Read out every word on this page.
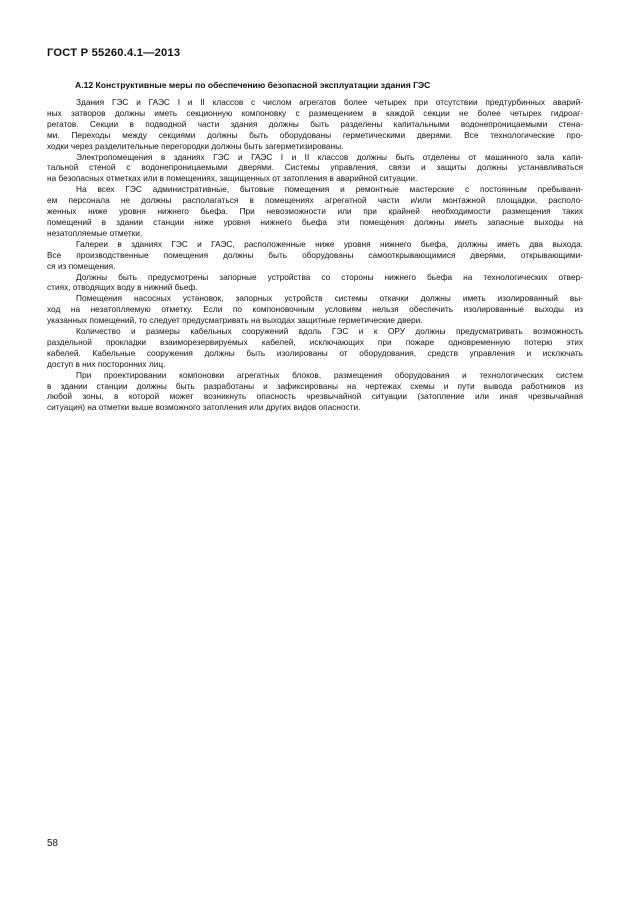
ГОСТ Р 55260.4.1—2013
А.12 Конструктивные меры по обеспечению безопасной эксплуатации здания ГЭС
Здания ГЭС и ГАЭС I и II классов с числом агрегатов более четырех при отсутствии предтурбинных аварий-
ных затворов должны иметь секционную компоновку с размещением в каждой секции не более четырех гидроаг-
регатов. Секции в подводной части здания должны быть разделены капитальными водонепроницаемыми стена-
ми. Переходы между секциями должны быть оборудованы герметическими дверями. Все технологические про-
ходки через разделительные перегородки должны быть загерметизированы.
Электропомещения в зданиях ГЭС и ГАЭС I и II классов должны быть отделены от машинного зала капи-
тальной стеной с водонепроницаемыми дверями. Системы управления, связи и защиты должны устанавливаться
на безопасных отметках или в помещениях, защищенных от затопления в аварийной ситуации.
На всех ГЭС административные, бытовые помещения и ремонтные мастерские с постоянным пребывани-
ем персонала не должны располагаться в помещениях агрегатной части и/или монтажной площадки, располо-
женных ниже уровня нижнего бьефа. При невозможности или при крайней необходимости размещения таких
помещений в здании станции ниже уровня нижнего бьефа эти помещения должны иметь запасные выходы на
незатопляемые отметки.
Галереи в зданиях ГЭС и ГАЭС, расположенные ниже уровня нижнего бьефа, должны иметь два выхода.
Все производственные помещения должны быть оборудованы самооткрывающимися дверями, открывающими-
ся из помещения.
Должны быть предусмотрены запорные устройства со стороны нижнего бьефа на технологических отвер-
стиях, отводящих воду в нижний бьеф.
Помещения насосных установок, запорных устройств системы откачки должны иметь изолированный вы-
ход на незатопляемую отметку. Если по компоновочным условиям нельзя обеспечить изолированные выходы из
указанных помещений, то следует предусматривать на выходах защитные герметические двери.
Количество и размеры кабельных сооружений вдоль ГЭС и к ОРУ должны предусматривать возможность
раздельной прокладки взаиморезервируемых кабелей, исключающих при пожаре одновременную потерю этих
кабелей. Кабельные сооружения должны быть изолированы от оборудования, средств управления и исключать
доступ в них посторонних лиц.
При проектировании компоновки агрегатных блоков, размещения оборудования и технологических систем
в здании станции должны быть разработаны и зафиксированы на чертежах схемы и пути вывода работников из
любой зоны, в которой может возникнуть опасность чрезвычайной ситуации (затопление или иная чрезвычайная
ситуация) на отметки выше возможного затопления или других видов опасности.
58
